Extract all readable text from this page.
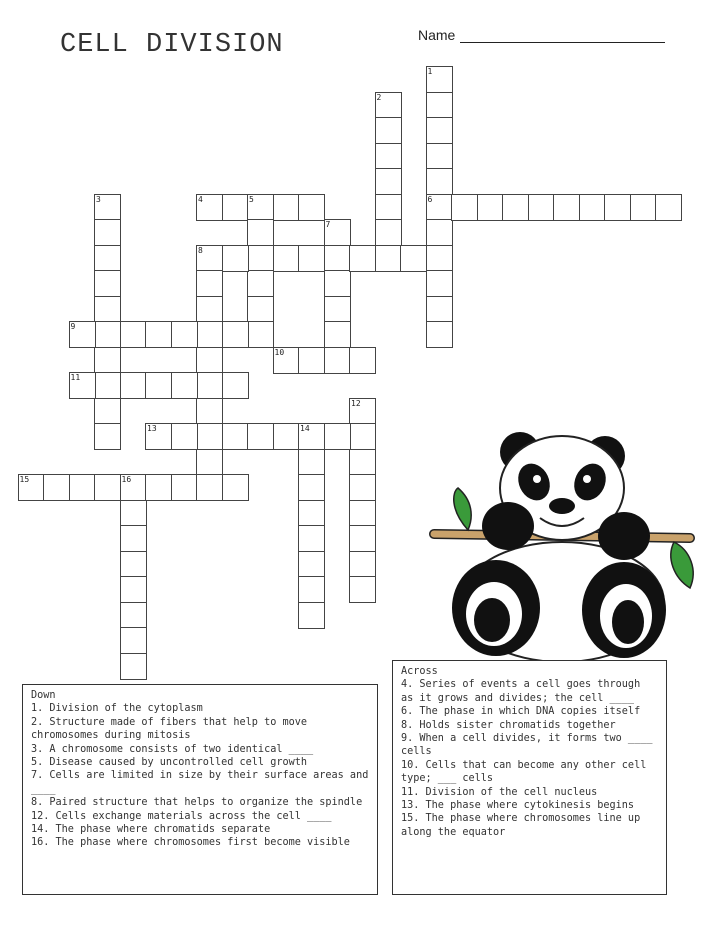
CELL DIVISION	Name
1
2
3	4	5	6
7
8
9
10
11
12
13	14
15	16
Down
1. Division of the cytoplasm
2. Structure made of fibers that help to move chromosomes during mitosis
3. A chromosome consists of two identical ____
5. Disease caused by uncontrolled cell growth
7. Cells are limited in size by their surface areas and ____
8. Paired structure that helps to organize the spindle
12. Cells exchange materials across the cell ____
14. The phase where chromatids separate
16. The phase where chromosomes first become visible
Across
4. Series of events a cell goes through as it grows and divides; the cell ____
6. The phase in which DNA copies itself
8. Holds sister chromatids together
9. When a cell divides, it forms two ____ cells
10. Cells that can become any other cell type; ___ cells
11. Division of the cell nucleus
13. The phase where cytokinesis begins
15. The phase where chromosomes line up along the equator
